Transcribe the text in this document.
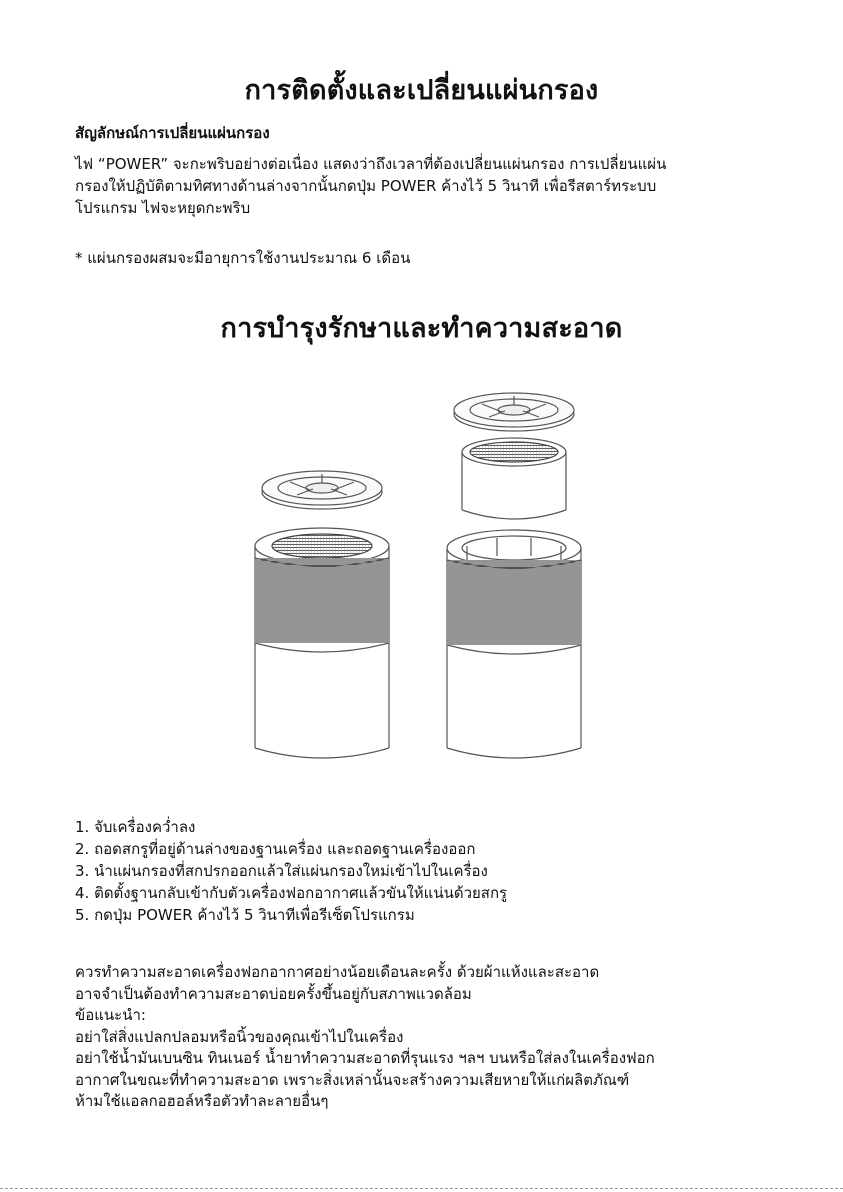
การติดตั้งและเปลี่ยนแผ่นกรอง
สัญลักษณ์การเปลี่ยนแผ่นกรอง

ไฟ “POWER” จะกะพริบอย่างต่อเนื่อง แสดงว่าถึงเวลาที่ต้องเปลี่ยนแผ่นกรอง การเปลี่ยนแผ่น

กรองให้ปฏิบัติตามทิศทางด้านล่างจากนั้นกดปุ่ม POWER ค้างไว้ 5 วินาที เพื่อรีสตาร์ทระบบ

โปรแกรม ไฟจะหยุดกะพริบ

* แผ่นกรองผสมจะมีอายุการใช้งานประมาณ 6 เดือน
การบำรุงรักษาและทำความสะอาด
1. จับเครื่องคว่ำลง
2. ถอดสกรูที่อยู่ด้านล่างของฐานเครื่อง และถอดฐานเครื่องออก
3. นำแผ่นกรองที่สกปรกออกแล้วใส่แผ่นกรองใหม่เข้าไปในเครื่อง
4. ติดตั้งฐานกลับเข้ากับตัวเครื่องฟอกอากาศแล้วขันให้แน่นด้วยสกรู
5. กดปุ่ม POWER ค้างไว้ 5 วินาทีเพื่อรีเซ็ตโปรแกรม

ควรทำความสะอาดเครื่องฟอกอากาศอย่างน้อยเดือนละครั้ง ด้วยผ้าแห้งและสะอาด

อาจจำเป็นต้องทำความสะอาดบ่อยครั้งขึ้นอยู่กับสภาพแวดล้อม

ข้อแนะนำ:

อย่าใส่สิ่งแปลกปลอมหรือนิ้วของคุณเข้าไปในเครื่อง

อย่าใช้น้ำมันเบนซิน ทินเนอร์ น้ำยาทำความสะอาดที่รุนแรง ฯลฯ บนหรือใส่ลงในเครื่องฟอก

อากาศในขณะที่ทำความสะอาด เพราะสิ่งเหล่านั้นจะสร้างความเสียหายให้แก่ผลิตภัณฑ์

ห้ามใช้แอลกอฮอล์หรือตัวทำละลายอื่นๆ
